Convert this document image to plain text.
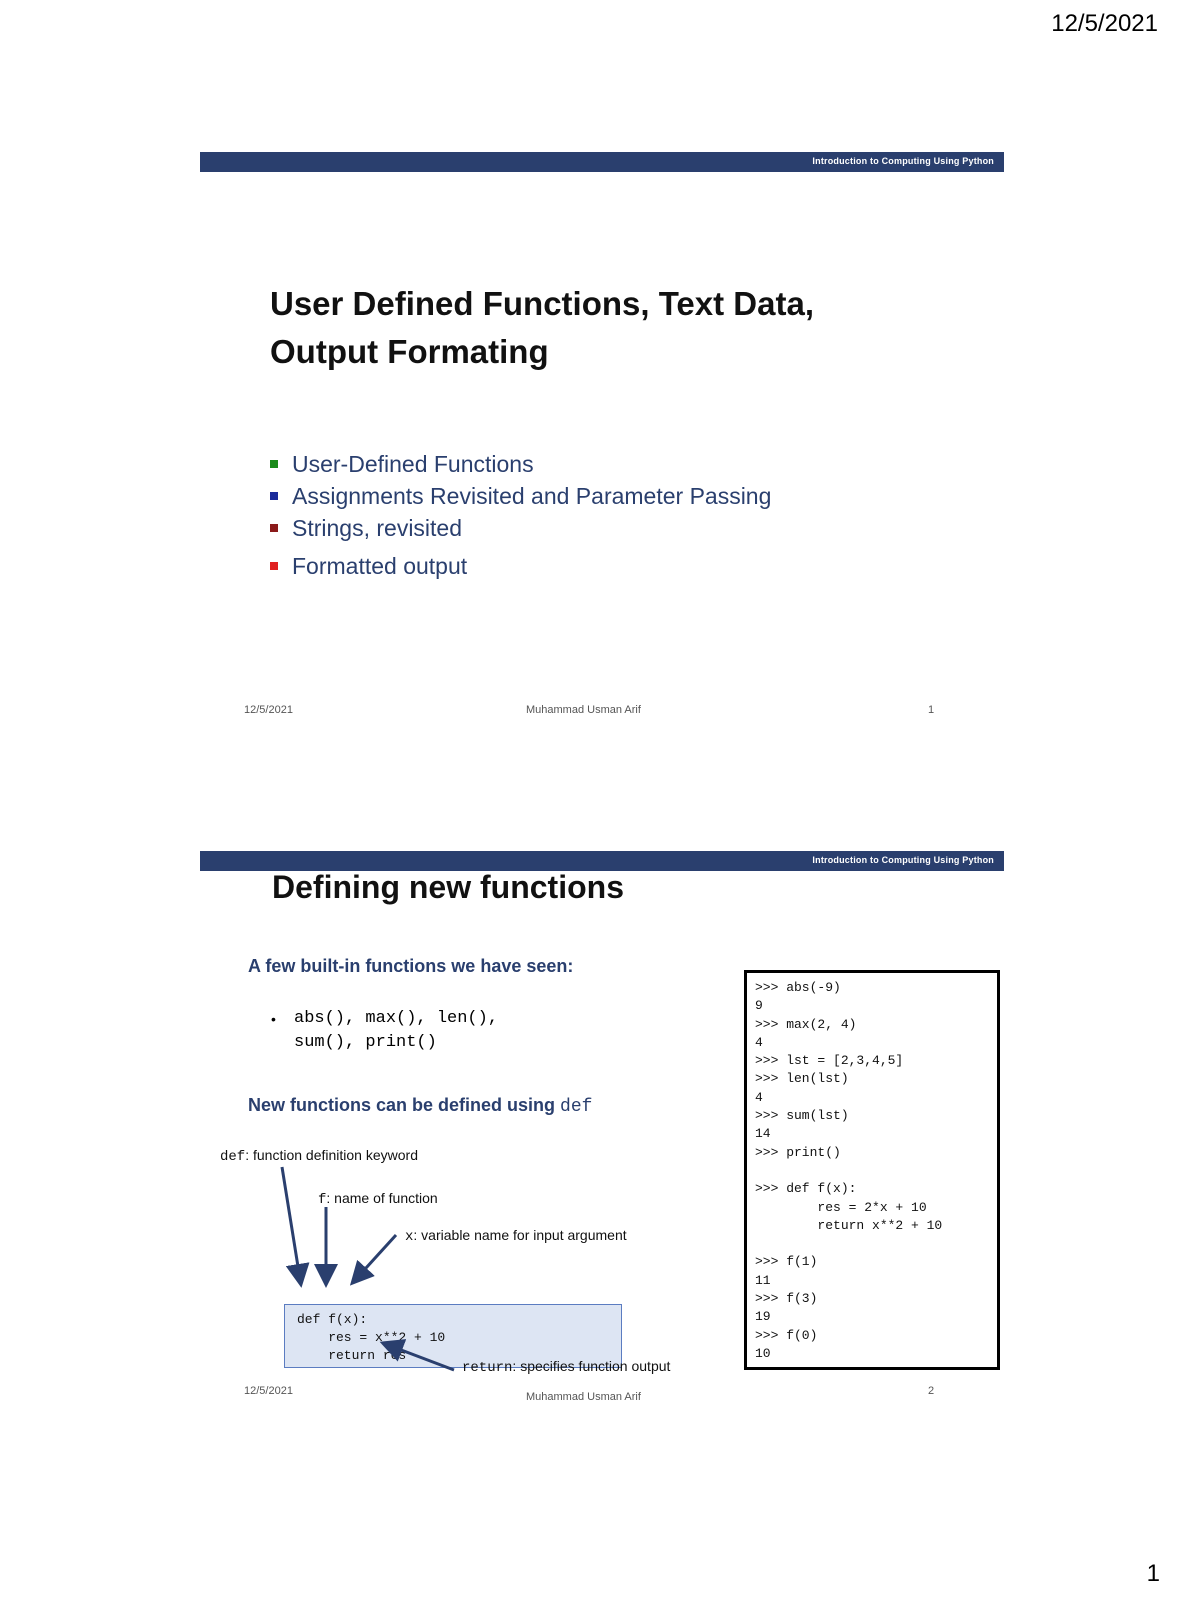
12/5/2021
Introduction to Computing Using Python
User Defined Functions, Text Data,
Output Formating
User-Defined Functions
Assignments Revisited and Parameter Passing
Strings, revisited
Formatted output
12/5/2021	Muhammad Usman Arif	1
Introduction to Computing Using Python
Defining new functions
A few built-in functions we have seen:
•	abs(), max(), len(),
sum(), print()
New functions can be defined using def
def: function definition keyword
f: name of function
x: variable name for input argument
def f(x):
res = x**2 + 10
return res
return: specifies function output
>>> abs(-9)
9
>>> max(2, 4)
4
>>> lst = [2,3,4,5]
>>> len(lst)
4
>>> sum(lst)
14
>>> print()

>>> def f(x):
res = 2*x + 10
return x**2 + 10

>>> f(1)
11
>>> f(3)
19
>>> f(0)
10
12/5/2021	Muhammad Usman Arif	2
1
